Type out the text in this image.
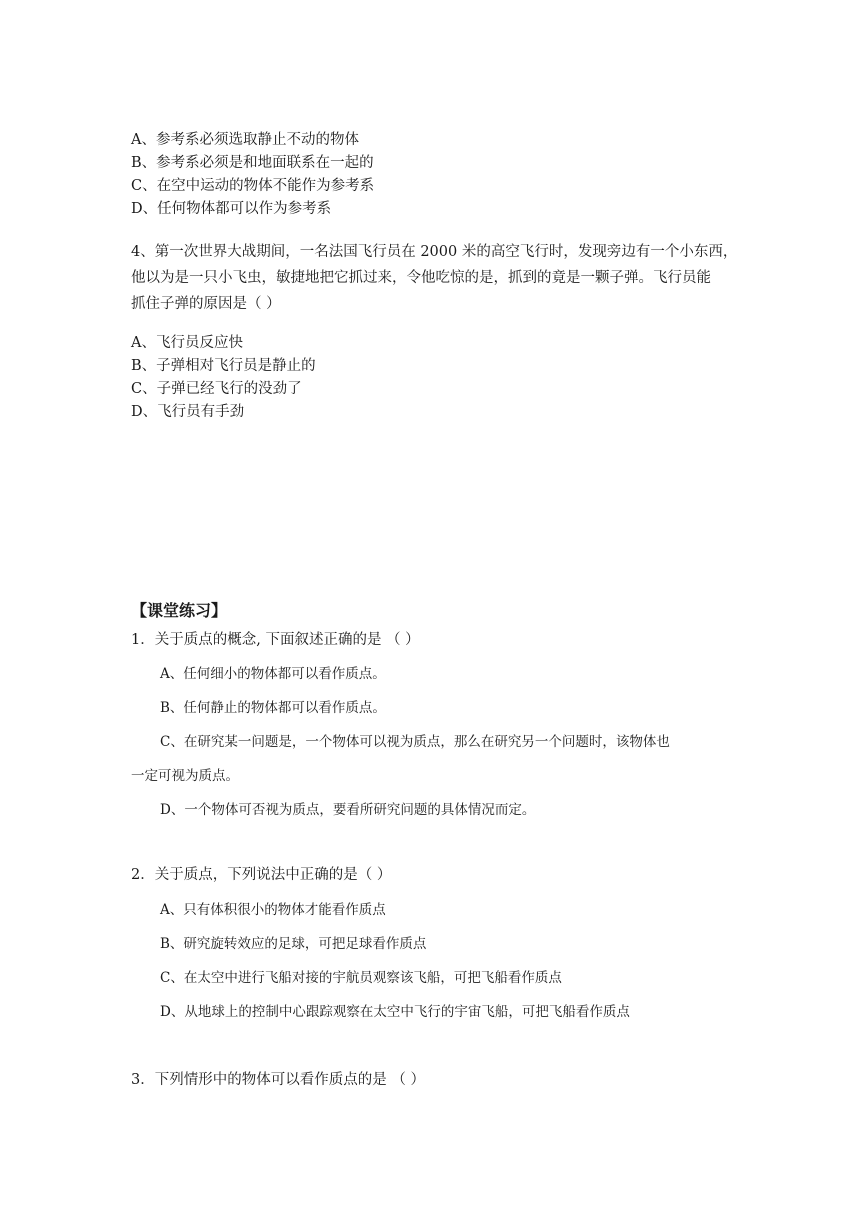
A、参考系必须选取静止不动的物体
B、参考系必须是和地面联系在一起的
C、在空中运动的物体不能作为参考系
D、任何物体都可以作为参考系
4、第一次世界大战期间，一名法国飞行员在 2000 米的高空飞行时，发现旁边有一个小东西，
他以为是一只小飞虫，敏捷地把它抓过来，令他吃惊的是，抓到的竟是一颗子弹。飞行员能
抓住子弹的原因是（ ）
A、飞行员反应快
B、子弹相对飞行员是静止的
C、子弹已经飞行的没劲了
D、飞行员有手劲
【课堂练习】
1．关于质点的概念, 下面叙述正确的是 （ ）
A、任何细小的物体都可以看作质点。
B、任何静止的物体都可以看作质点。
C、在研究某一问题是，一个物体可以视为质点，那么在研究另一个问题时，该物体也
一定可视为质点。
D、一个物体可否视为质点，要看所研究问题的具体情况而定。
2．关于质点，下列说法中正确的是（ ）
A、只有体积很小的物体才能看作质点
B、研究旋转效应的足球，可把足球看作质点
C、在太空中进行飞船对接的宇航员观察该飞船，可把飞船看作质点
D、从地球上的控制中心跟踪观察在太空中飞行的宇宙飞船，可把飞船看作质点
3．下列情形中的物体可以看作质点的是 （ ）
